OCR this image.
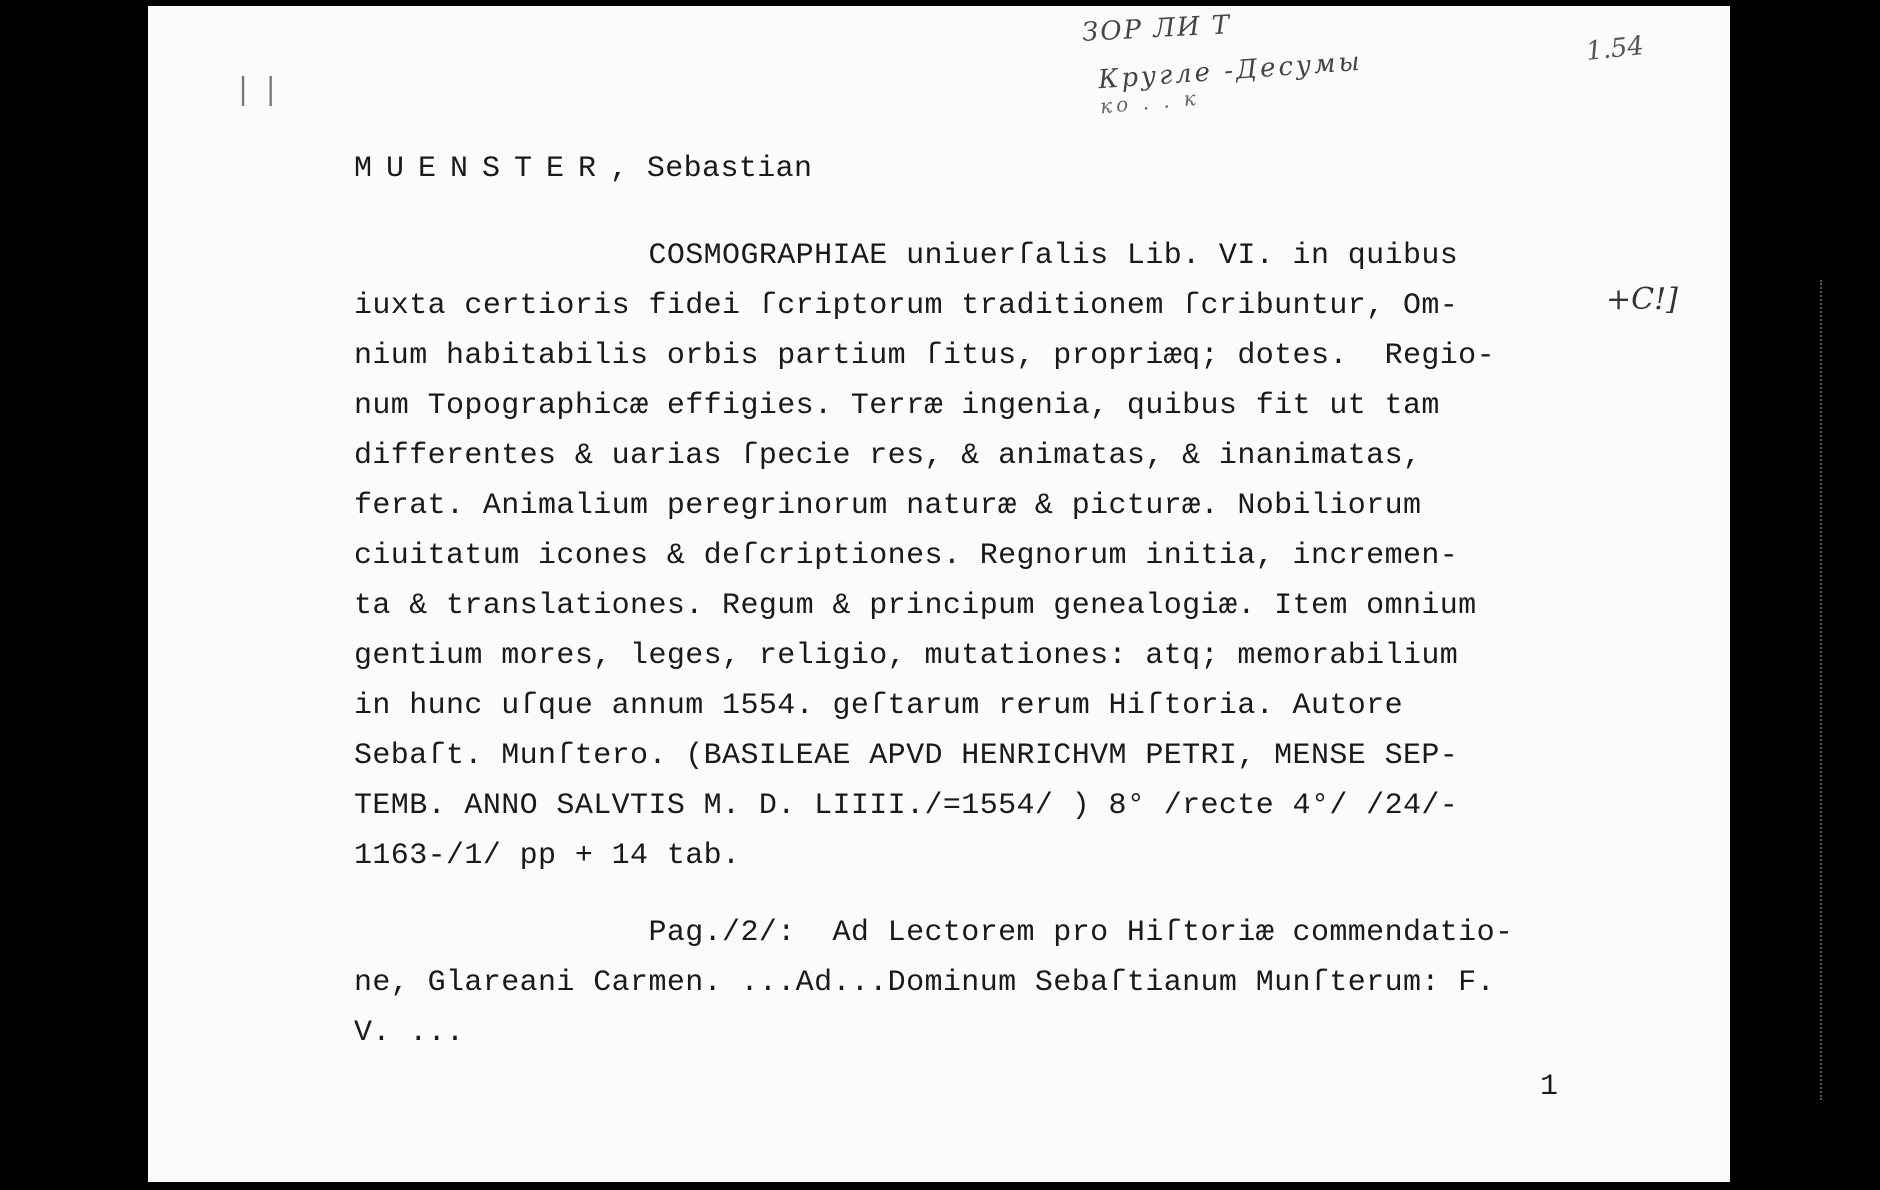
| |
ЗОР ЛИ Т
Кругле -Десумы
ко . . к
1.54
MUENSTER, Sebastian
COSMOGRAPHIAE uniuerſalis Lib. VI. in quibus
iuxta certioris fidei ſcriptorum traditionem ſcribuntur, Om-
nium habitabilis orbis partium ſitus, propriæq; dotes.  Regio-
num Topographicæ effigies. Terræ ingenia, quibus fit ut tam
differentes & uarias ſpecie res, & animatas, & inanimatas,
ferat. Animalium peregrinorum naturæ & picturæ. Nobiliorum
ciuitatum icones & deſcriptiones. Regnorum initia, incremen-
ta & translationes. Regum & principum genealogiæ. Item omnium
gentium mores, leges, religio, mutationes: atq; memorabilium
in hunc uſque annum 1554. geſtarum rerum Hiſtoria. Autore
Sebaſt. Munſtero. (BASILEAE APVD HENRICHVM PETRI, MENSE SEP-
TEMB. ANNO SALVTIS M. D. LIIII./=1554/ ) 8° /recte 4°/ /24/-
1163-/1/ pp + 14 tab.
+C!]
Pag./2/:  Ad Lectorem pro Hiſtoriæ commendatio-
ne, Glareani Carmen. ...Ad...Dominum Sebaſtianum Munſterum: F.
V. ...
1
